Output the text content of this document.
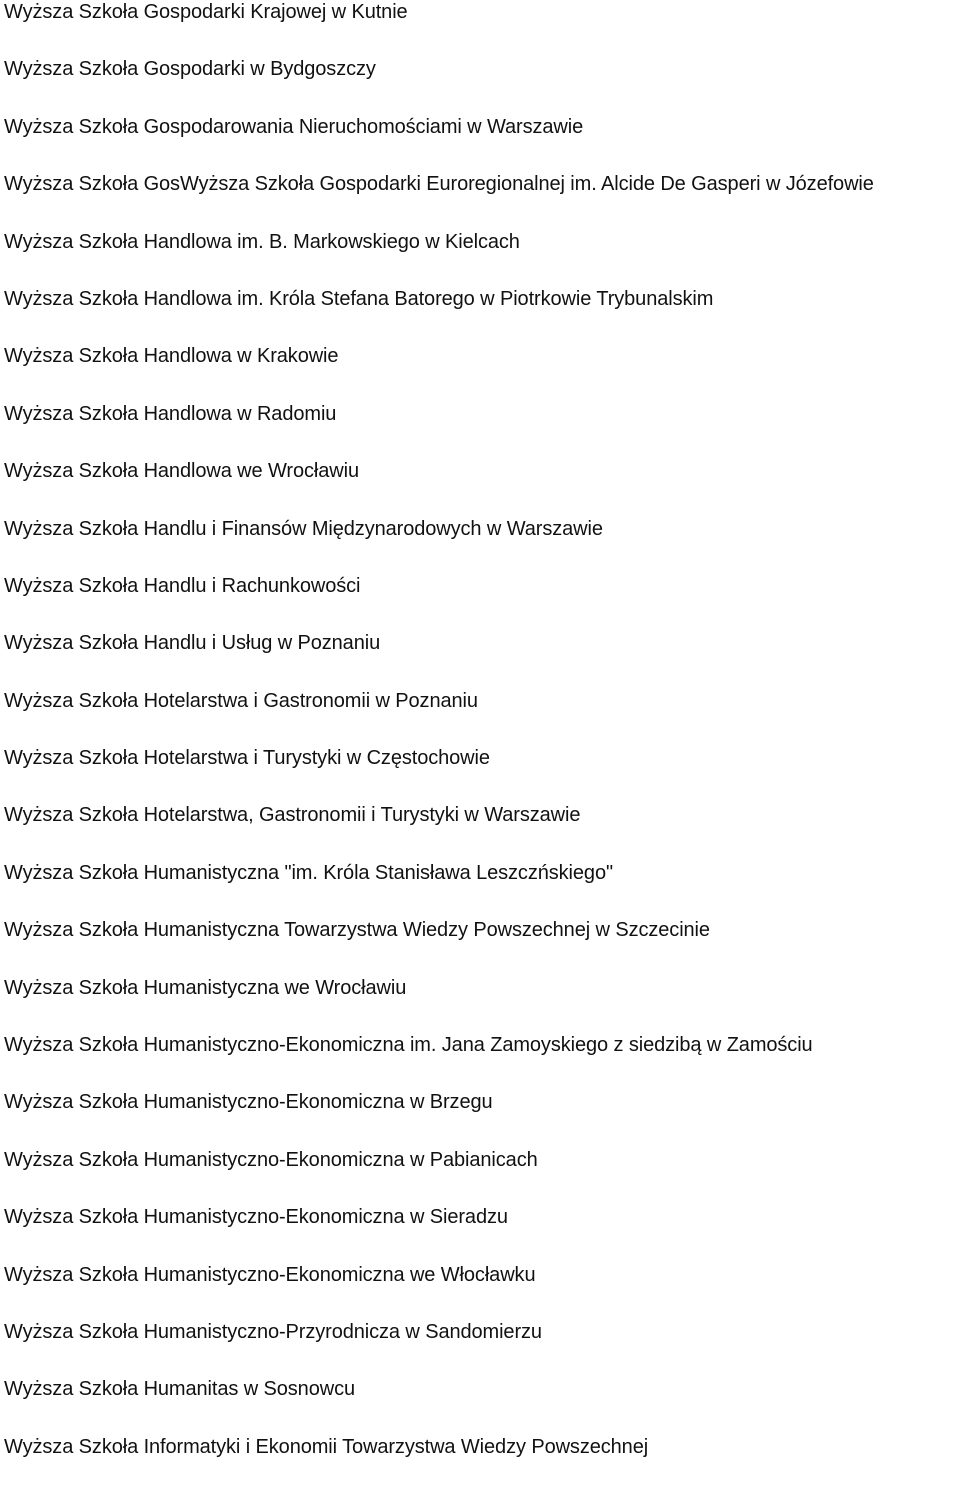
Wyższa Szkoła Gospodarki Krajowej w Kutnie
Wyższa Szkoła Gospodarki w Bydgoszczy
Wyższa Szkoła Gospodarowania Nieruchomościami w Warszawie
Wyższa Szkoła GosWyższa Szkoła Gospodarki Euroregionalnej im. Alcide De Gasperi w Józefowie
Wyższa Szkoła Handlowa im. B. Markowskiego w Kielcach
Wyższa Szkoła Handlowa im. Króla Stefana Batorego w Piotrkowie Trybunalskim
Wyższa Szkoła Handlowa w Krakowie
Wyższa Szkoła Handlowa w Radomiu
Wyższa Szkoła Handlowa we Wrocławiu
Wyższa Szkoła Handlu i Finansów Międzynarodowych w Warszawie
Wyższa Szkoła Handlu i Rachunkowości
Wyższa Szkoła Handlu i Usług w Poznaniu
Wyższa Szkoła Hotelarstwa i Gastronomii w Poznaniu
Wyższa Szkoła Hotelarstwa i Turystyki w Częstochowie
Wyższa Szkoła Hotelarstwa, Gastronomii i Turystyki w Warszawie
Wyższa Szkoła Humanistyczna "im. Króla Stanisława Leszczńskiego"
Wyższa Szkoła Humanistyczna Towarzystwa Wiedzy Powszechnej w Szczecinie
Wyższa Szkoła Humanistyczna we Wrocławiu
Wyższa Szkoła Humanistyczno-Ekonomiczna im. Jana Zamoyskiego z siedzibą w Zamościu
Wyższa Szkoła Humanistyczno-Ekonomiczna w Brzegu
Wyższa Szkoła Humanistyczno-Ekonomiczna w Pabianicach
Wyższa Szkoła Humanistyczno-Ekonomiczna w Sieradzu
Wyższa Szkoła Humanistyczno-Ekonomiczna we Włocławku
Wyższa Szkoła Humanistyczno-Przyrodnicza w Sandomierzu
Wyższa Szkoła Humanitas w Sosnowcu
Wyższa Szkoła Informatyki i Ekonomii Towarzystwa Wiedzy Powszechnej
